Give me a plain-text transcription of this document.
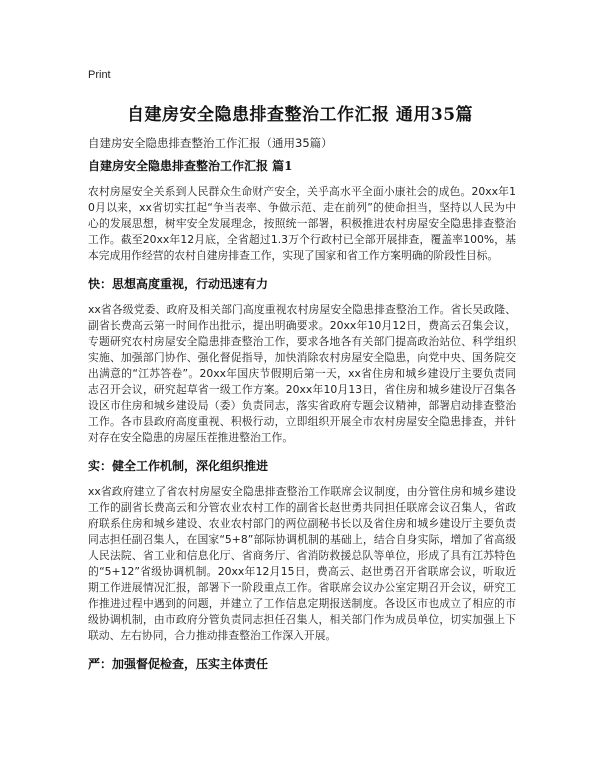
Print
自建房安全隐患排查整治工作汇报 通用35篇
自建房安全隐患排查整治工作汇报（通用35篇）
自建房安全隐患排查整治工作汇报 篇1
农村房屋安全关系到人民群众生命财产安全，关乎高水平全面小康社会的成色。20xx年10月以来，xx省切实扛起“争当表率、争做示范、走在前列”的使命担当，坚持以人民为中心的发展思想，树牢安全发展理念，按照统一部署，积极推进农村房屋安全隐患排查整治工作。截至20xx年12月底，全省超过1.3万个行政村已全部开展排查，覆盖率100%，基本完成用作经营的农村自建房排查工作，实现了国家和省工作方案明确的阶段性目标。
快：思想高度重视，行动迅速有力
xx省各级党委、政府及相关部门高度重视农村房屋安全隐患排查整治工作。省长吴政隆、副省长费高云第一时间作出批示，提出明确要求。20xx年10月12日，费高云召集会议，专题研究农村房屋安全隐患排查整治工作，要求各地各有关部门提高政治站位、科学组织实施、加强部门协作、强化督促指导，加快消除农村房屋安全隐患，向党中央、国务院交出满意的“江苏答卷”。20xx年国庆节假期后第一天，xx省住房和城乡建设厅主要负责同志召开会议，研究起草省一级工作方案。20xx年10月13日，省住房和城乡建设厅召集各设区市住房和城乡建设局（委）负责同志，落实省政府专题会议精神，部署启动排查整治工作。各市县政府高度重视、积极行动，立即组织开展全市农村房屋安全隐患排查，并针对存在安全隐患的房屋压茬推进整治工作。
实：健全工作机制，深化组织推进
xx省政府建立了省农村房屋安全隐患排查整治工作联席会议制度，由分管住房和城乡建设工作的副省长费高云和分管农业农村工作的副省长赵世勇共同担任联席会议召集人，省政府联系住房和城乡建设、农业农村部门的两位副秘书长以及省住房和城乡建设厅主要负责同志担任副召集人，在国家“5+8”部际协调机制的基础上，结合自身实际，增加了省高级人民法院、省工业和信息化厅、省商务厅、省消防救援总队等单位，形成了具有江苏特色的“5+12”省级协调机制。20xx年12月15日，费高云、赵世勇召开省联席会议，听取近期工作进展情况汇报，部署下一阶段重点工作。省联席会议办公室定期召开会议，研究工作推进过程中遇到的问题，并建立了工作信息定期报送制度。各设区市也成立了相应的市级协调机制，由市政府分管负责同志担任召集人，相关部门作为成员单位，切实加强上下联动、左右协同，合力推动排查整治工作深入开展。
严：加强督促检查，压实主体责任
